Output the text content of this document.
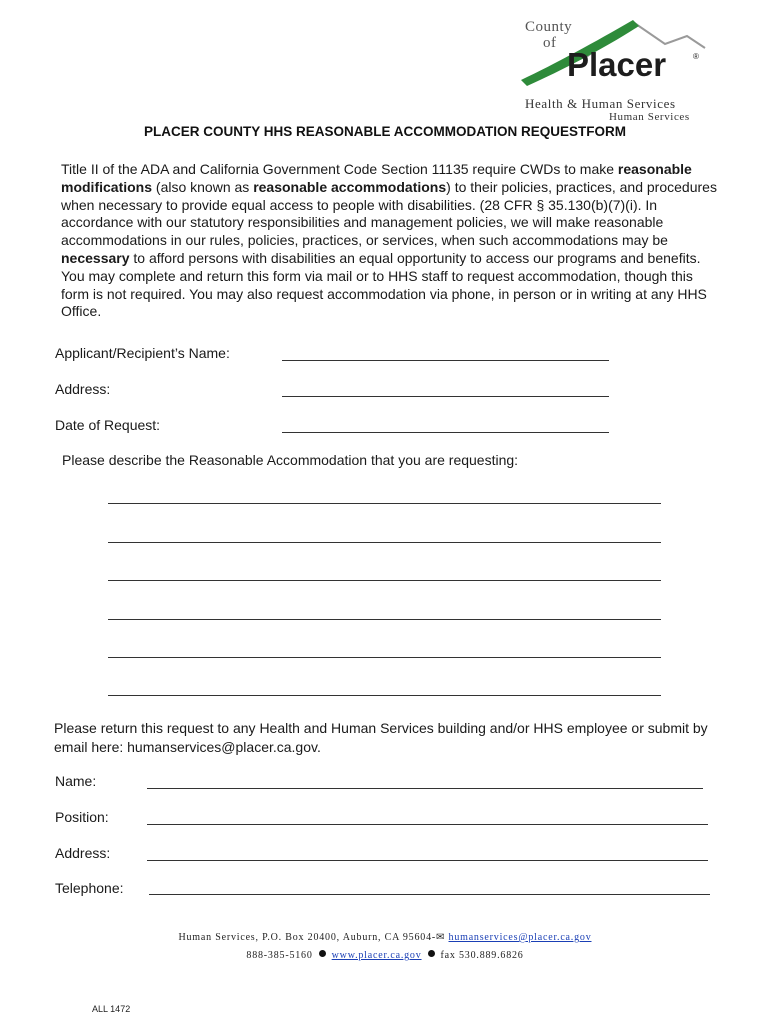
County
of
Placer	®
Health & Human Services
Human Services
PLACER COUNTY HHS REASONABLE ACCOMMODATION REQUESTFORM
Title II of the ADA and California Government Code Section 11135 require CWDs to make reasonable modifications (also known as reasonable accommodations) to their policies, practices, and procedures when necessary to provide equal access to people with disabilities. (28 CFR § 35.130(b)(7)(i). In accordance with our statutory responsibilities and management policies, we will make reasonable accommodations in our rules, policies, practices, or services, when such accommodations may be necessary to afford persons with disabilities an equal opportunity to access our programs and benefits. You may complete and return this form via mail or to HHS staff to request accommodation, though this form is not required. You may also request accommodation via phone, in person or in writing at any HHS Office.
Applicant/Recipient’s Name:
Address:
Date of Request:
Please describe the Reasonable Accommodation that you are requesting:
Please return this request to any Health and Human Services building and/or HHS employee or submit by email here: humanservices@placer.ca.gov.
Name:
Position:
Address:
Telephone:
Human Services, P.O. Box 20400, Auburn, CA 95604-✉ humanservices@placer.ca.gov
888-385-5160 www.placer.ca.gov fax 530.889.6826
ALL 1472
